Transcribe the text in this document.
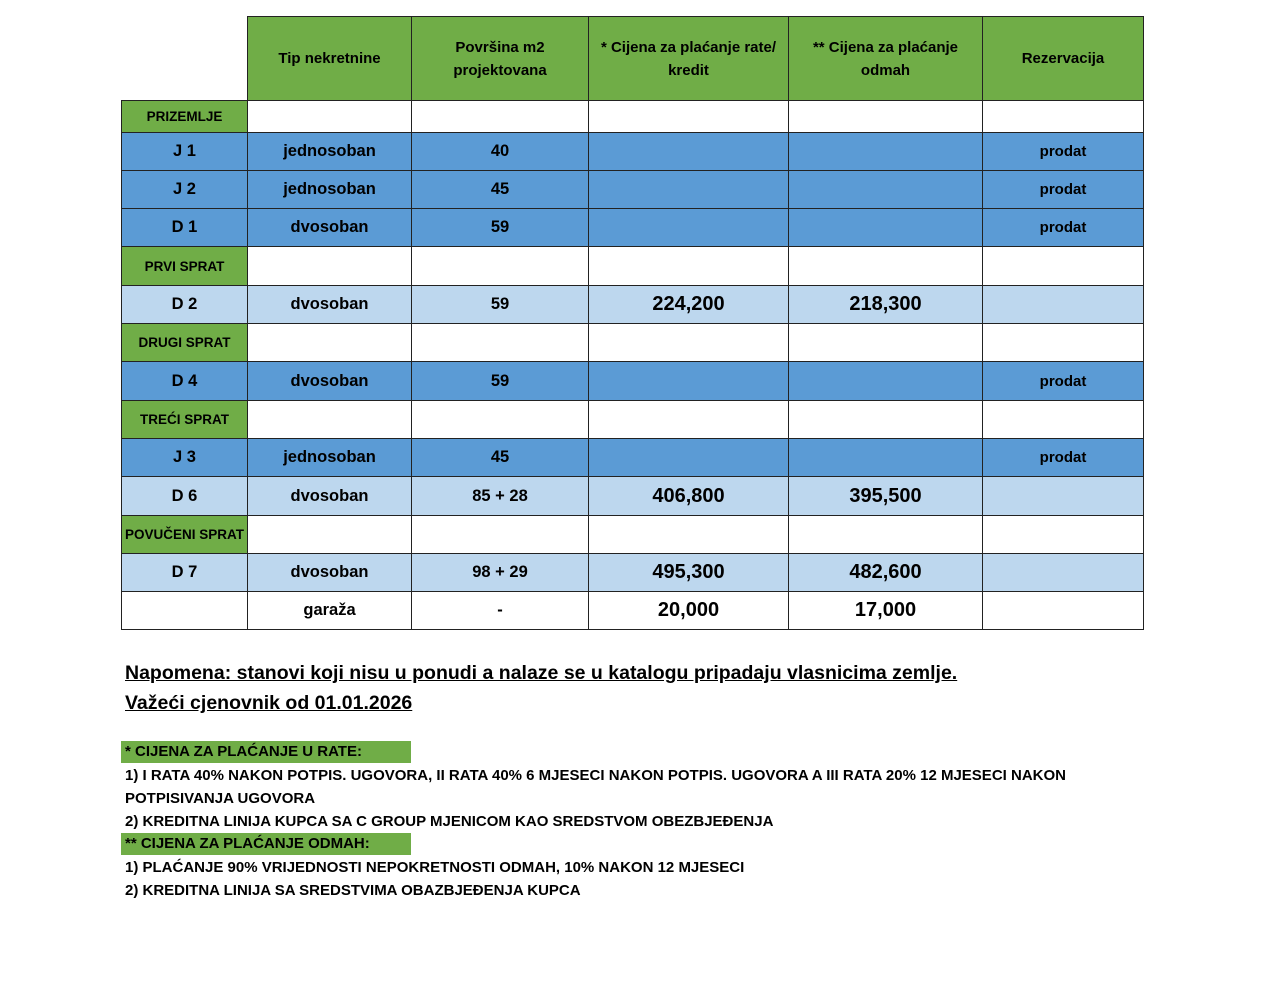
	Tip nekretnine	Površina m2 projektovana	* Cijena za plaćanje rate/ kredit	** Cijena za plaćanje odmah	Rezervacija
PRIZEMLJE					
J 1	jednosoban	40			prodat
J 2	jednosoban	45			prodat
D 1	dvosoban	59			prodat
PRVI SPRAT					
D 2	dvosoban	59	224,200	218,300	
DRUGI SPRAT					
D 4	dvosoban	59			prodat
TREĆI SPRAT					
J 3	jednosoban	45			prodat
D 6	dvosoban	85 + 28	406,800	395,500	
POVUČENI SPRAT					
D 7	dvosoban	98 + 29	495,300	482,600	
	garaža	-	20,000	17,000	
Napomena: stanovi koji nisu u ponudi a nalaze se u katalogu pripadaju vlasnicima zemlje.
Važeći cjenovnik od 01.01.2026
* CIJENA ZA PLAĆANJE U RATE:
1) I RATA 40% NAKON POTPIS. UGOVORA, II RATA 40% 6 MJESECI NAKON POTPIS. UGOVORA A III RATA 20% 12 MJESECI NAKON
POTPISIVANJA UGOVORA
2) KREDITNA LINIJA KUPCA SA C GROUP MJENICOM KAO SREDSTVOM OBEZBJEĐENJA
** CIJENA ZA PLAĆANJE ODMAH:
1) PLAĆANJE 90% VRIJEDNOSTI NEPOKRETNOSTI ODMAH, 10% NAKON 12 MJESECI
2) KREDITNA LINIJA SA SREDSTVIMA OBAZBJEĐENJA KUPCA
